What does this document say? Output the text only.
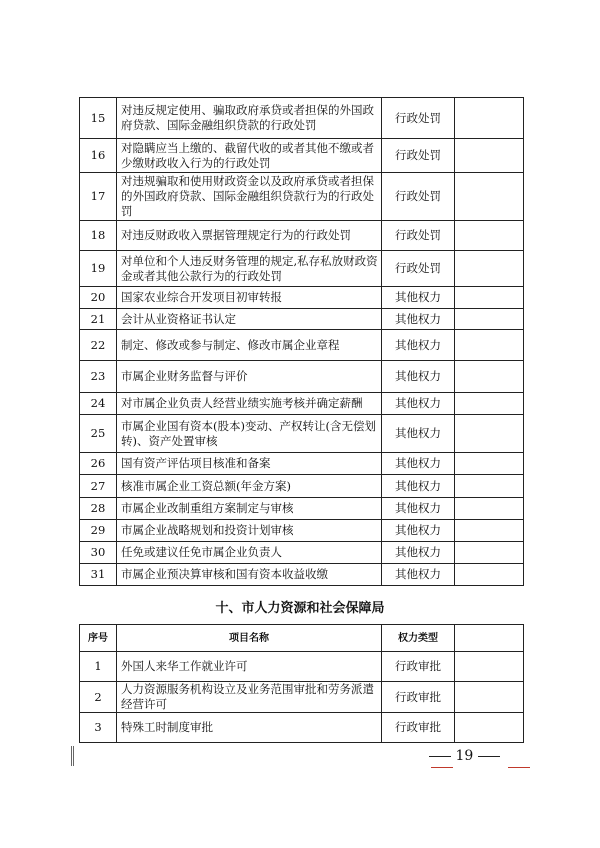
15	对违反规定使用、骗取政府承贷或者担保的外国政府贷款、国际金融组织贷款的行政处罚	行政处罚	
16	对隐瞒应当上缴的、截留代收的或者其他不缴或者少缴财政收入行为的行政处罚	行政处罚	
17	对违规骗取和使用财政资金以及政府承贷或者担保的外国政府贷款、国际金融组织贷款行为的行政处罚	行政处罚	
18	对违反财政收入票据管理规定行为的行政处罚	行政处罚	
19	对单位和个人违反财务管理的规定,私存私放财政资金或者其他公款行为的行政处罚	行政处罚	
20	国家农业综合开发项目初审转报	其他权力	
21	会计从业资格证书认定	其他权力	
22	制定、修改或参与制定、修改市属企业章程	其他权力	
23	市属企业财务监督与评价	其他权力	
24	对市属企业负责人经营业绩实施考核并确定薪酬	其他权力	
25	市属企业国有资本(股本)变动、产权转让(含无偿划转)、资产处置审核	其他权力	
26	国有资产评估项目核准和备案	其他权力	
27	核准市属企业工资总额(年金方案)	其他权力	
28	市属企业改制重组方案制定与审核	其他权力	
29	市属企业战略规划和投资计划审核	其他权力	
30	任免或建议任免市属企业负责人	其他权力	
31	市属企业预决算审核和国有资本收益收缴	其他权力	
十、市人力资源和社会保障局
序号	项目名称	权力类型	
1	外国人来华工作就业许可	行政审批	
2	人力资源服务机构设立及业务范围审批和劳务派遣经营许可	行政审批	
3	特殊工时制度审批	行政审批	
19
